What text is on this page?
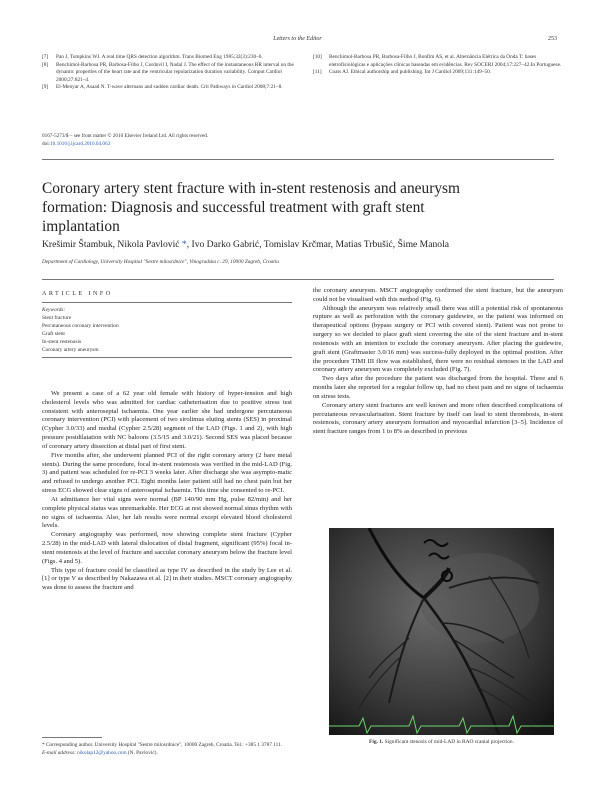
Letters to the Editor	253
[7]	Pan J, Tompkins WJ. A real time QRS detection algorithm. Trans Biomed Eng 1985;32(3):230–6.
[8]	Benchimol-Barbosa PR, Barbosa-Filho J, Cordovil I, Nadal J. The effect of the instantaneous RR interval on the dynamic properties of the heart rate and the ventricular repolarization duration variability. Comput Cardiol 2000;27:821–4.
[9]	El-Menyar A, Asaad N. T-wave alternans and sudden cardiac death. Crit Pathways in Cardiol 2008;7:21–8.
[10]	Benchimol-Barbosa PR, Barbosa-Filho J, Bonfim AS, et al. Alternância Elétrica da Onda T: bases eletrofisiológicas e aplicações clínicas baseadas em evidências. Rev SOCERJ 2004;17:227–42.In Portuguese.
[11]	Coats AJ. Ethical authorship and publishing. Int J Cardiol 2009;131:149–50.
0167-5273/$ – see front matter © 2010 Elsevier Ireland Ltd. All rights reserved.
doi:10.1016/j.ijcard.2010.04.062
Coronary artery stent fracture with in-stent restenosis and aneurysm formation: Diagnosis and successful treatment with graft stent implantation
Krešimir Štambuk, Nikola Pavlović *, Ivo Darko Gabrić, Tomislav Krčmar, Matias Trbušić, Šime Manola
Department of Cardiology, University Hospital "Sestre milosrdnice", Vinogradska c. 29, 10000 Zagreb, Croatia
ARTICLE INFO
Keywords:
Stent fracture
Percutaneous coronary intervention
Graft stent
In-stent restenosis
Coronary artery aneurysm

We present a case of a 62 year old female with history of hyper-tension and high cholesterol levels who was admitted for cardiac catheterisation due to positive stress test consistent with anteroseptal ischaemia. One year earlier she had undergone percutaneous coronary intervention (PCI) with placement of two sirolimus eluting stents (SES) in proximal (Cypher 3.0/33) and medial (Cypher 2.5/28) segment of the LAD (Figs. 1 and 2), with high pressure postdilatation with NC baloons (3.5/15 and 3.0/21). Second SES was placed because of coronary artery dissection at distal part of first stent.

Five months after, she underwent planned PCI of the right coronary artery (2 bare metal stents). During the same procedure, focal in-stent restenosis was verified in the mid-LAD (Fig. 3) and patient was scheduled for re-PCI 3 weeks later. After discharge she was asympto-matic and refused to undergo another PCI. Eight months later patient still had no chest pain but her stress ECG showed clear signs of anteroseptal ischaemia. This time she consented to re-PCI.

At admittance her vital signs were normal (BP 140/90 mm Hg, pulse 82/min) and her complete physical status was unremarkable. Her ECG at rest showed normal sinus rhythm with no signs of ischaemia. Also, her lab results were normal except elevated blood cholesterol levels.

Coronary angiography was performed, now showing complete stent fracture (Cypher 2.5/28) in the mid-LAD with lateral dislocation of distal fragment, significant (95%) focal in-stent restenosis at the level of fracture and saccular coronary aneurysm below the fracture level (Figs. 4 and 5).

This type of fracture could be classified as type IV as described in the study by Lee et al. [1] or type V as described by Nakazawa et al. [2] in their studies. MSCT coronary angiography was done to assess the fracture and

the coronary aneurysm. MSCT angiography confirmed the stent fracture, but the aneurysm could not be visualised with this method (Fig. 6).

Although the aneurysm was relatively small there was still a potential risk of spontaneous rupture as well as perforation with the coronary guidewire, so the patient was informed on therapeutical options (bypass surgery or PCI with covered stent). Patient was not prone to surgery so we decided to place graft stent covering the site of the stent fracture and in-stent restenosis with an intention to exclude the coronary aneurysm. After placing the guidewire, graft stent (Graftmaster 3.0/16 mm) was success-fully deployed in the optimal position. After the procedure TIMI III flow was established, there were no residual stenoses in the LAD and coronary artery aneurysm was completely excluded (Fig. 7).

Two days after the procedure the patient was discharged from the hospital. Three and 6 months later she reported for a regular follow up, had no chest pain and no signs of ischaemia on stress tests.

Coronary artery stent fractures are well known and more often described complications of percutaneous revascularisation. Stent fracture by itself can lead to stent thrombosis, in-stent restenosis, coronary artery aneurysm formation and myocardial infarction [3–5]. Incidence of stent fracture ranges from 1 to 8% as described in previous

Fig. 1. Significant stenosis of mid-LAD in RAO cranial projection.
* Corresponding author. University Hospital "Sestre milosrdnice", 10000 Zagreb, Croatia. Tel.: +385 1 3787 111.
E-mail address: nikolap12@yahoo.com (N. Pavlović).
